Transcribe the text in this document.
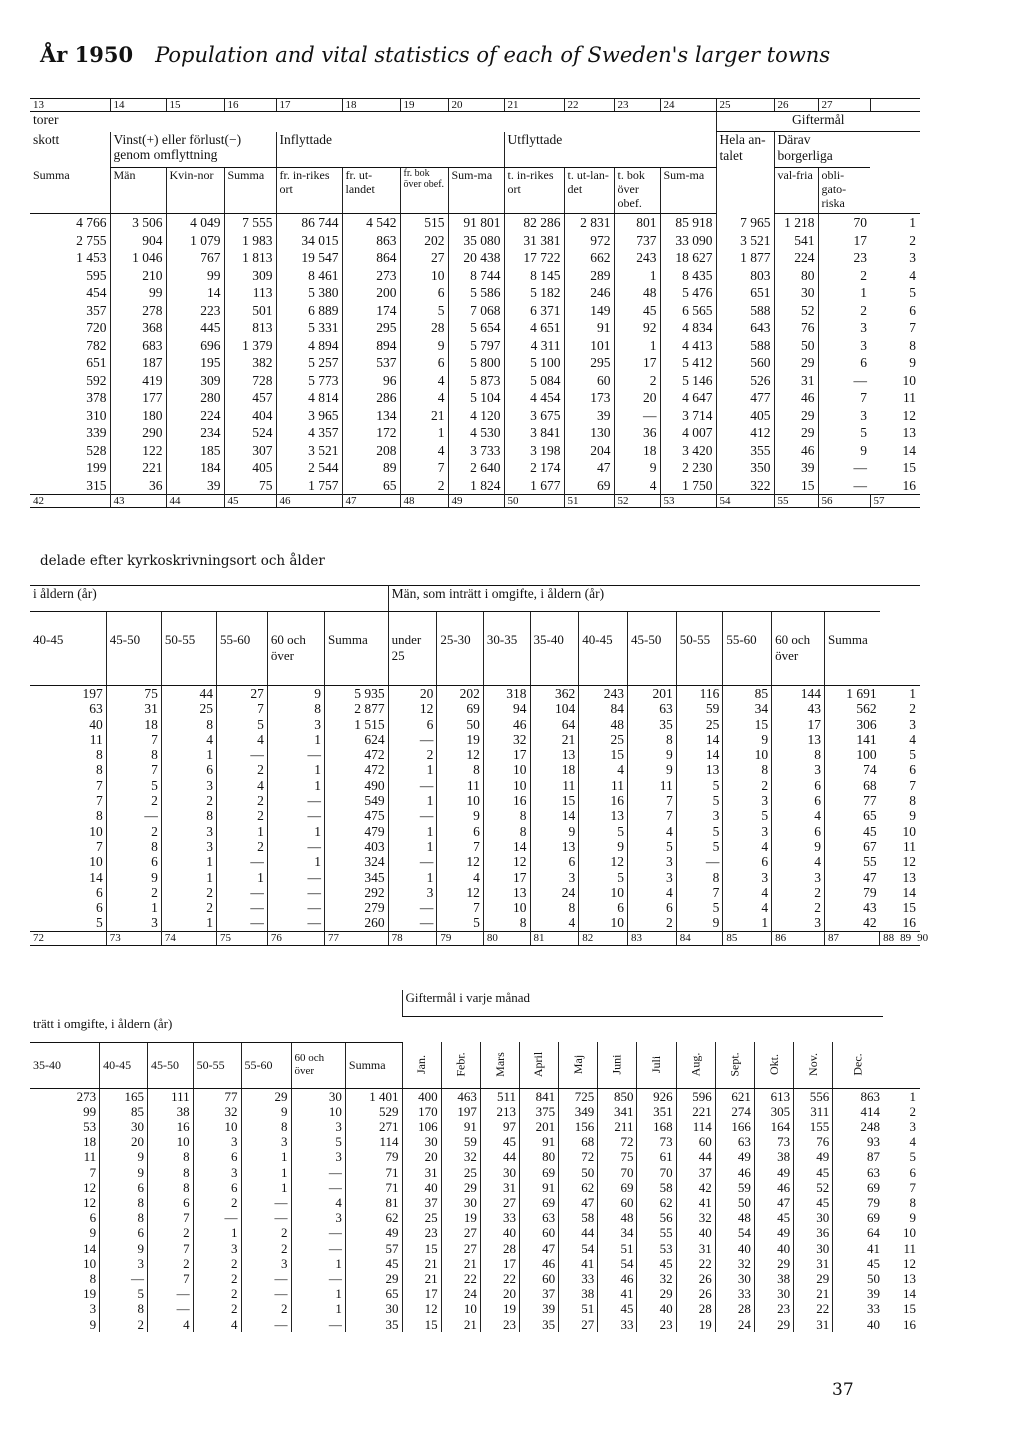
År 1950 Population and vital statistics of each of Sweden's larger towns
13	14	15	16	17	18	19	20	21	22	23	24	25	26	27	
torer												Giftermål			
skott	Vinst(+) eller förlust(−) genom omflyttning			Inflyttade				Utflyttade				Hela an-talet	Därav borgerliga		
Summa	Män	Kvin-nor	Summa	fr. in-rikes ort	fr. ut-landet	fr. bok över obef.	Sum-ma	t. in-rikes ort	t. ut-lan-det	t. bok över obef.	Sum-ma		val-fria	obli-gato-riska	
4 766	3 506	4 049	7 555	86 744	4 542	515	91 801	82 286	2 831	801	85 918	7 965	1 218	70	1
2 755	904	1 079	1 983	34 015	863	202	35 080	31 381	972	737	33 090	3 521	541	17	2
1 453	1 046	767	1 813	19 547	864	27	20 438	17 722	662	243	18 627	1 877	224	23	3
595	210	99	309	8 461	273	10	8 744	8 145	289	1	8 435	803	80	2	4
454	99	14	113	5 380	200	6	5 586	5 182	246	48	5 476	651	30	1	5
357	278	223	501	6 889	174	5	7 068	6 371	149	45	6 565	588	52	2	6
720	368	445	813	5 331	295	28	5 654	4 651	91	92	4 834	643	76	3	7
782	683	696	1 379	4 894	894	9	5 797	4 311	101	1	4 413	588	50	3	8
651	187	195	382	5 257	537	6	5 800	5 100	295	17	5 412	560	29	6	9
592	419	309	728	5 773	96	4	5 873	5 084	60	2	5 146	526	31	—	10
378	177	280	457	4 814	286	4	5 104	4 454	173	20	4 647	477	46	7	11
310	180	224	404	3 965	134	21	4 120	3 675	39	—	3 714	405	29	3	12
339	290	234	524	4 357	172	1	4 530	3 841	130	36	4 007	412	29	5	13
528	122	185	307	3 521	208	4	3 733	3 198	204	18	3 420	355	46	9	14
199	221	184	405	2 544	89	7	2 640	2 174	47	9	2 230	350	39	—	15
315	36	39	75	1 757	65	2	1 824	1 677	69	4	1 750	322	15	—	16
42	43	44	45	46	47	48	49	50	51	52	53	54	55	56	57
delade efter kyrkoskrivningsort och ålder
i åldern (år)						Män, som inträtt i omgifte, i åldern (år)										
40-45	45-50	50-55	55-60	60 och över	Summa	under 25	25-30	30-35	35-40	40-45	45-50	50-55	55-60	60 och över	Summa	
197	75	44	27	9	5 935	20	202	318	362	243	201	116	85	144	1 691	1
63	31	25	7	8	2 877	12	69	94	104	84	63	59	34	43	562	2
40	18	8	5	3	1 515	6	50	46	64	48	35	25	15	17	306	3
11	7	4	4	1	624	—	19	32	21	25	8	14	9	13	141	4
8	8	1	—	—	472	2	12	17	13	15	9	14	10	8	100	5
8	7	6	2	1	472	1	8	10	18	4	9	13	8	3	74	6
7	5	3	4	1	490	—	11	10	11	11	11	5	2	6	68	7
7	2	2	2	—	549	1	10	16	15	16	7	5	3	6	77	8
8	—	8	2	—	475	—	9	8	14	13	7	3	5	4	65	9
10	2	3	1	1	479	1	6	8	9	5	4	5	3	6	45	10
7	8	3	2	—	403	1	7	14	13	9	5	5	4	9	67	11
10	6	1	—	1	324	—	12	12	6	12	3	—	6	4	55	12
14	9	1	1	—	345	1	4	17	3	5	3	8	3	3	47	13
6	2	2	—	—	292	3	12	13	24	10	4	7	4	2	79	14
6	1	2	—	—	279	—	7	10	8	6	6	5	4	2	43	15
5	3	1	—	—	260	—	5	8	4	10	2	9	1	3	42	16
72	73	74	75	76	77	78	79	80	81	82	83	84	85	86	87	88 89 90
							Giftermål i varje månad												
trätt i omgifte, i åldern (år)																			
35-40	40-45	45-50	50-55	55-60	60 och över	Summa	Jan.	Febr.	Mars	April	Maj	Juni	Juli	Aug.	Sept.	Okt.	Nov.	Dec.	
273	165	111	77	29	30	1 401	400	463	511	841	725	850	926	596	621	613	556	863	1
99	85	38	32	9	10	529	170	197	213	375	349	341	351	221	274	305	311	414	2
53	30	16	10	8	3	271	106	91	97	201	156	211	168	114	166	164	155	248	3
18	20	10	3	3	5	114	30	59	45	91	68	72	73	60	63	73	76	93	4
11	9	8	6	1	3	79	20	32	44	80	72	75	61	44	49	38	49	87	5
7	9	8	3	1	—	71	31	25	30	69	50	70	70	37	46	49	45	63	6
12	6	8	6	1	—	71	40	29	31	91	62	69	58	42	59	46	52	69	7
12	8	6	2	—	4	81	37	30	27	69	47	60	62	41	50	47	45	79	8
6	8	7	—	—	3	62	25	19	33	63	58	48	56	32	48	45	30	69	9
9	6	2	1	2	—	49	23	27	40	60	44	34	55	40	54	49	36	64	10
14	9	7	3	2	—	57	15	27	28	47	54	51	53	31	40	40	30	41	11
10	3	2	2	3	1	45	21	21	17	46	41	54	45	22	32	29	31	45	12
8	—	7	2	—	—	29	21	22	22	60	33	46	32	26	30	38	29	50	13
19	5	—	2	—	1	65	17	24	20	37	38	41	29	26	33	30	21	39	14
3	8	—	2	2	1	30	12	10	19	39	51	45	40	28	28	23	22	33	15
9	2	4	4	—	—	35	15	21	23	35	27	33	23	19	24	29	31	40	16
37
